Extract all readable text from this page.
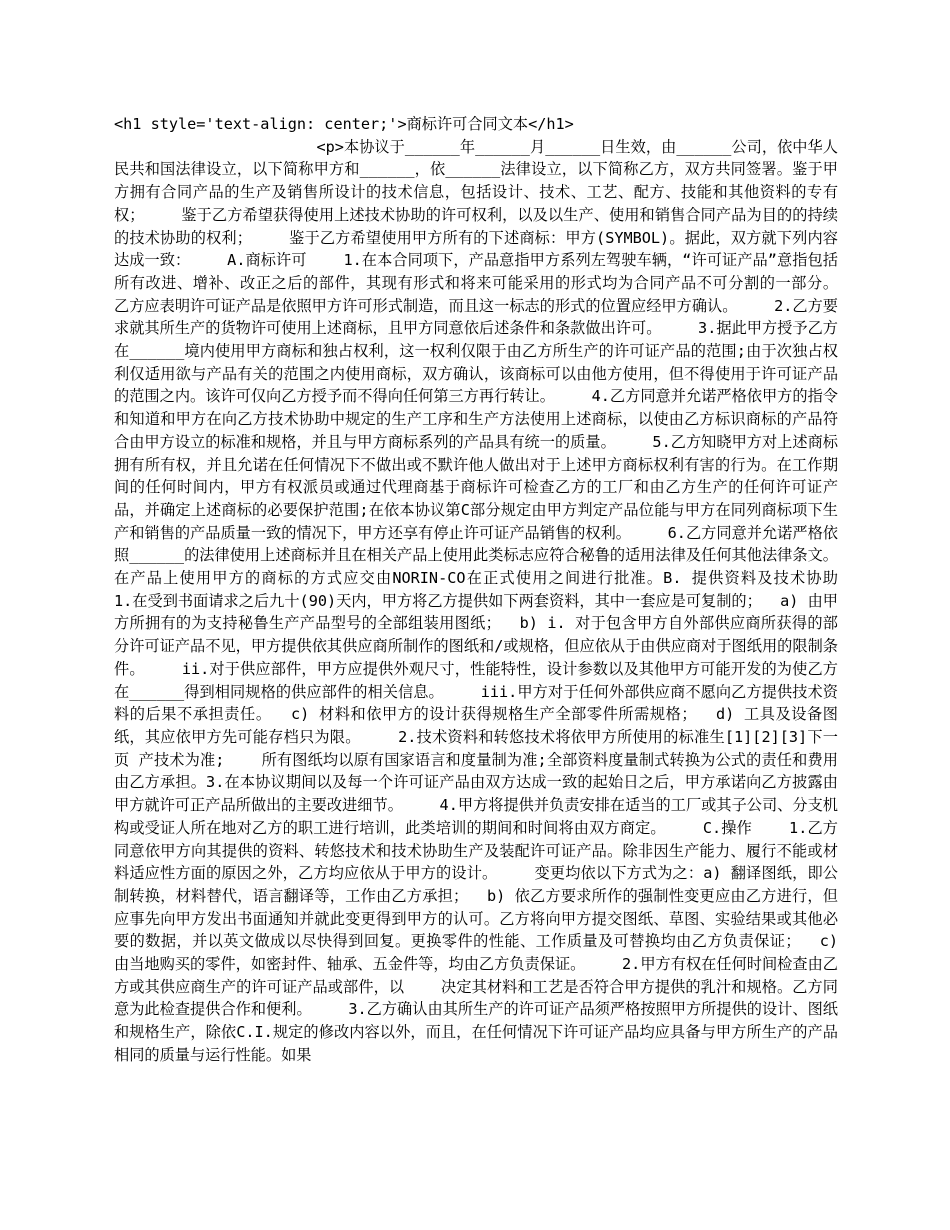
<h1 style='text-align: center;'>商标许可合同文本</h1>
<p>本协议于______年______月______日生效，由______公司，依中华人民共和国法律设立，以下简称甲方和______，依______法律设立，以下简称乙方，双方共同签署。鉴于甲方拥有合同产品的生产及销售所设计的技术信息，包括设计、技术、工艺、配方、技能和其他资料的专有权；    鉴于乙方希望获得使用上述技术协助的许可权利，以及以生产、使用和销售合同产品为目的的持续的技术协助的权利；    鉴于乙方希望使用甲方所有的下述商标：甲方(SYMBOL)。据此，双方就下列内容达成一致：    A.商标许可    1.在本合同项下，产品意指甲方系列左驾驶车辆，“许可证产品”意指包括所有改进、增补、改正之后的部件，其现有形式和将来可能采用的形式均为合同产品不可分割的一部分。    乙方应表明许可证产品是依照甲方许可形式制造，而且这一标志的形式的位置应经甲方确认。    2.乙方要求就其所生产的货物许可使用上述商标，且甲方同意依后述条件和条款做出许可。    3.据此甲方授予乙方在______境内使用甲方商标和独占权利，这一权利仅限于由乙方所生产的许可证产品的范围;由于次独占权利仅适用欲与产品有关的范围之内使用商标，双方确认，该商标可以由他方使用，但不得使用于许可证产品的范围之内。该许可仅向乙方授予而不得向任何第三方再行转让。    4.乙方同意并允诺严格依甲方的指令和知道和甲方在向乙方技术协助中规定的生产工序和生产方法使用上述商标，以使由乙方标识商标的产品符合由甲方设立的标准和规格，并且与甲方商标系列的产品具有统一的质量。    5.乙方知晓甲方对上述商标拥有所有权，并且允诺在任何情况下不做出或不默许他人做出对于上述甲方商标权利有害的行为。在工作期间的任何时间内，甲方有权派员或通过代理商基于商标许可检查乙方的工厂和由乙方生产的任何许可证产品，并确定上述商标的必要保护范围;在依本协议第C部分规定由甲方判定产品位能与甲方在同列商标项下生产和销售的产品质量一致的情况下，甲方还享有停止许可证产品销售的权利。    6.乙方同意并允诺严格依照______的法律使用上述商标并且在相关产品上使用此类标志应符合秘鲁的适用法律及任何其他法律条文。在产品上使用甲方的商标的方式应交由NORIN-CO在正式使用之间进行批准。B. 提供资料及技术协助    1.在受到书面请求之后九十(90)天内，甲方将乙方提供如下两套资料，其中一套应是可复制的；  a) 由甲方所拥有的为支持秘鲁生产产品型号的全部组装用图纸；  b) i. 对于包含甲方自外部供应商所获得的部分许可证产品不见，甲方提供依其供应商所制作的图纸和/或规格，但应依从于由供应商对于图纸用的限制条件。    ii.对于供应部件，甲方应提供外观尺寸，性能特性，设计参数以及其他甲方可能开发的为使乙方在______得到相同规格的供应部件的相关信息。    iii.甲方对于任何外部供应商不愿向乙方提供技术资料的后果不承担责任。  c) 材料和依甲方的设计获得规格生产全部零件所需规格；  d) 工具及设备图纸，其应依甲方先可能存档只为限。    2.技术资料和转悠技术将依甲方所使用的标准生[1][2][3]下一页 产技术为准;    所有图纸均以原有国家语言和度量制为准;全部资料度量制式转换为公式的责任和费用由乙方承担。3.在本协议期间以及每一个许可证产品由双方达成一致的起始日之后，甲方承诺向乙方披露由甲方就许可正产品所做出的主要改进细节。    4.甲方将提供并负责安排在适当的工厂或其子公司、分支机构或受证人所在地对乙方的职工进行培训，此类培训的期间和时间将由双方商定。    C.操作    1.乙方同意依甲方向其提供的资料、转悠技术和技术协助生产及装配许可证产品。除非因生产能力、履行不能或材料适应性方面的原因之外，乙方均应依从于甲方的设计。    变更均依以下方式为之：a) 翻译图纸，即公制转换，材料替代，语言翻译等，工作由乙方承担；  b) 依乙方要求所作的强制性变更应由乙方进行，但应事先向甲方发出书面通知并就此变更得到甲方的认可。乙方将向甲方提交图纸、草图、实验结果或其他必要的数据，并以英文做成以尽快得到回复。更换零件的性能、工作质量及可替换均由乙方负责保证；  c) 由当地购买的零件，如密封件、轴承、五金件等，均由乙方负责保证。    2.甲方有权在任何时间检查由乙方或其供应商生产的许可证产品或部件，以    决定其材料和工艺是否符合甲方提供的乳汁和规格。乙方同意为此检查提供合作和便利。    3.乙方确认由其所生产的许可证产品须严格按照甲方所提供的设计、图纸和规格生产，除依C.I.规定的修改内容以外，而且，在任何情况下许可证产品均应具备与甲方所生产的产品相同的质量与运行性能。如果
